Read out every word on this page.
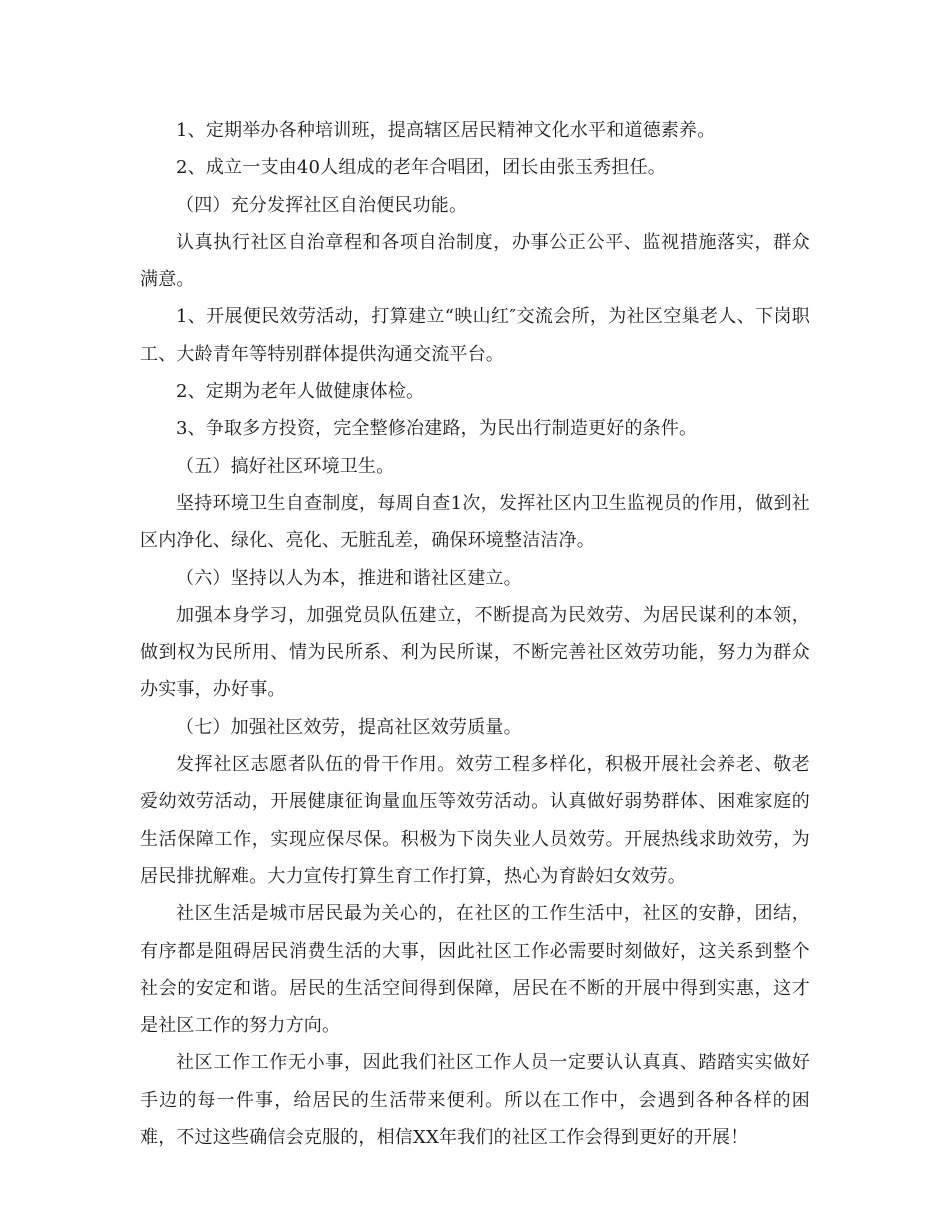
1、定期举办各种培训班，提高辖区居民精神文化水平和道德素养。

2、成立一支由40人组成的老年合唱团，团长由张玉秀担任。

（四）充分发挥社区自治便民功能。

认真执行社区自治章程和各项自治制度，办事公正公平、监视措施落实，群众满意。

1、开展便民效劳活动，打算建立“映山红″交流会所，为社区空巢老人、下岗职工、大龄青年等特别群体提供沟通交流平台。

2、定期为老年人做健康体检。

3、争取多方投资，完全整修冶建路，为民出行制造更好的条件。

（五）搞好社区环境卫生。

坚持环境卫生自查制度，每周自查1次，发挥社区内卫生监视员的作用，做到社区内净化、绿化、亮化、无脏乱差，确保环境整洁洁净。

（六）坚持以人为本，推进和谐社区建立。

加强本身学习，加强党员队伍建立，不断提高为民效劳、为居民谋利的本领，做到权为民所用、情为民所系、利为民所谋，不断完善社区效劳功能，努力为群众办实事，办好事。

（七）加强社区效劳，提高社区效劳质量。

发挥社区志愿者队伍的骨干作用。效劳工程多样化，积极开展社会养老、敬老爱幼效劳活动，开展健康征询量血压等效劳活动。认真做好弱势群体、困难家庭的生活保障工作，实现应保尽保。积极为下岗失业人员效劳。开展热线求助效劳，为居民排扰解难。大力宣传打算生育工作打算，热心为育龄妇女效劳。

社区生活是城市居民最为关心的，在社区的工作生活中，社区的安静，团结，有序都是阻碍居民消费生活的大事，因此社区工作必需要时刻做好，这关系到整个社会的安定和谐。居民的生活空间得到保障，居民在不断的开展中得到实惠，这才是社区工作的努力方向。

社区工作工作无小事，因此我们社区工作人员一定要认认真真、踏踏实实做好手边的每一件事，给居民的生活带来便利。所以在工作中，会遇到各种各样的困难，不过这些确信会克服的，相信XX年我们的社区工作会得到更好的开展！
